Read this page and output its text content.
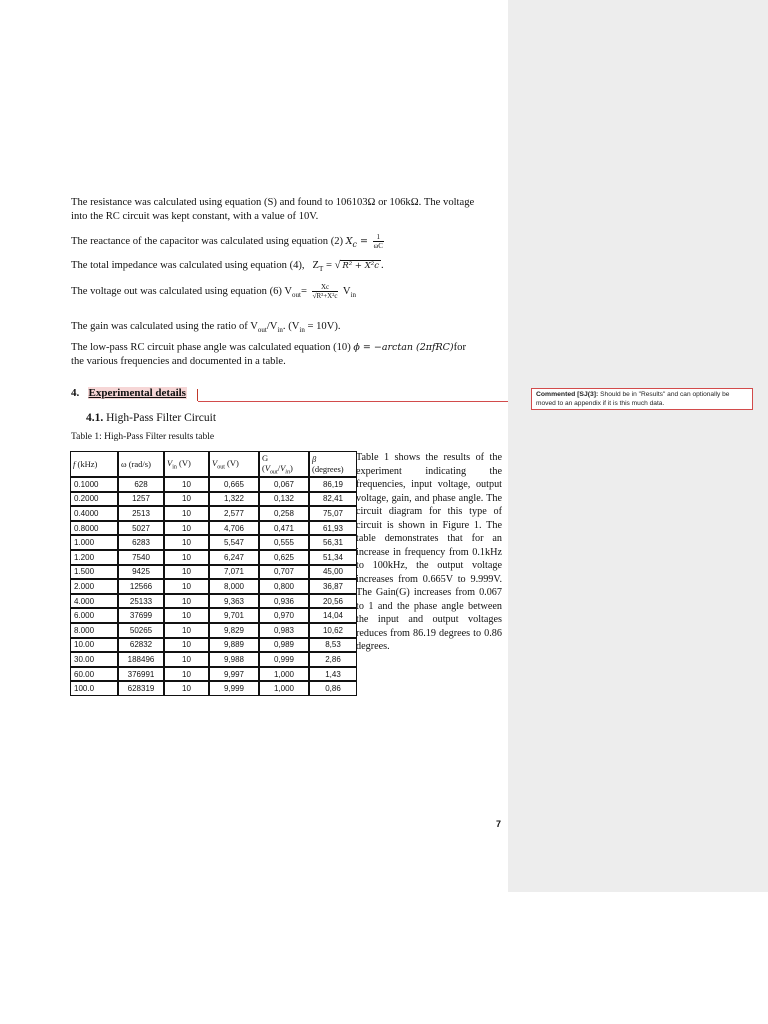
The resistance was calculated using equation (S) and found to 106103Ω or 106kΩ. The voltage
into the RC circuit was kept constant, with a value of 10V.
The reactance of the capacitor was calculated using equation (2) $X_c = \frac{1}{\omega C}$
The total impedance was calculated using equation (4), $Z_T$ = √ R² + X²c .
The voltage out was calculated using equation (6) $V_{out}= \frac{Xc}{\text{√R²+X²c}} V_{in}$
The gain was calculated using the ratio of $V_{out}/V_{in}$. $(V_{in} = 10V)$.
The low-pass RC circuit phase angle was calculated equation (10) ϕ = −arctan (2πfRC)for
the various frequencies and documented in a table.
4. Experimental details
4.1. High-Pass Filter Circuit
Table 1: High-Pass Filter results table
f (kHz)	ω (rad/s)	$V_{in}$ (V)	$V_{out}$ (V)	G
$(V_{out}/V_{in})$	β
(degrees)
0.1000	628	10	0,665	0,067	86,19
0.2000	1257	10	1,322	0,132	82,41
0.4000	2513	10	2,577	0,258	75,07
0.8000	5027	10	4,706	0,471	61,93
1.000	6283	10	5,547	0,555	56,31
1.200	7540	10	6,247	0,625	51,34
1.500	9425	10	7,071	0,707	45,00
2.000	12566	10	8,000	0,800	36,87
4.000	25133	10	9,363	0,936	20,56
6.000	37699	10	9,701	0,970	14,04
8.000	50265	10	9,829	0,983	10,62
10.00	62832	10	9,889	0,989	8,53
30.00	188496	10	9,988	0,999	2,86
60.00	376991	10	9,997	1,000	1,43
100.0	628319	10	9,999	1,000	0,86
Table 1 shows the results of the experiment indicating the frequencies, input voltage, output voltage, gain, and phase angle. The circuit diagram for this type of circuit is shown in Figure 1. The table demonstrates that for an increase in frequency from 0.1kHz to 100kHz, the output voltage increases from 0.665V to 9.999V. The Gain(G) increases from 0.067 to 1 and the phase angle between the input and output voltages reduces from 86.19 degrees to 0.86 degrees.
7
Commented [SJ(3]: Should be in "Results" and can optionally be moved to an appendix if it is this much data.
